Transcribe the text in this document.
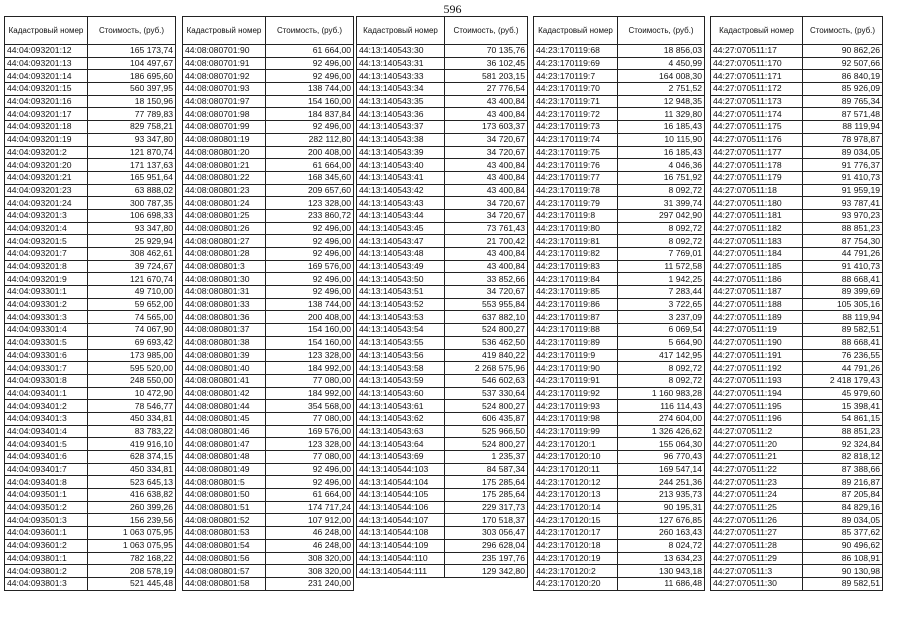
596
Кадастровый номер	Стоимость, (руб.)
44:04:093201:12	165 173,74
44:04:093201:13	104 497,67
44:04:093201:14	186 695,60
44:04:093201:15	560 397,95
44:04:093201:16	18 150,96
44:04:093201:17	77 789,83
44:04:093201:18	829 758,21
44:04:093201:19	93 347,80
44:04:093201:2	121 870,74
44:04:093201:20	171 137,63
44:04:093201:21	165 951,64
44:04:093201:23	63 888,02
44:04:093201:24	300 787,35
44:04:093201:3	106 698,33
44:04:093201:4	93 347,80
44:04:093201:5	25 929,94
44:04:093201:7	308 462,61
44:04:093201:8	39 724,67
44:04:093201:9	121 670,74
44:04:093301:1	49 710,00
44:04:093301:2	59 652,00
44:04:093301:3	74 565,00
44:04:093301:4	74 067,90
44:04:093301:5	69 693,42
44:04:093301:6	173 985,00
44:04:093301:7	595 520,00
44:04:093301:8	248 550,00
44:04:093401:1	10 472,90
44:04:093401:2	78 546,77
44:04:093401:3	450 334,81
44:04:093401:4	83 783,22
44:04:093401:5	419 916,10
44:04:093401:6	628 374,15
44:04:093401:7	450 334,81
44:04:093401:8	523 645,13
44:04:093501:1	416 638,82
44:04:093501:2	260 399,26
44:04:093501:3	156 239,56
44:04:093601:1	1 063 075,95
44:04:093601:2	1 063 075,95
44:04:093801:1	782 168,22
44:04:093801:2	208 578,19
44:04:093801:3	521 445,48
Кадастровый номер	Стоимость, (руб.)
44:08:080701:90	61 664,00
44:08:080701:91	92 496,00
44:08:080701:92	92 496,00
44:08:080701:93	138 744,00
44:08:080701:97	154 160,00
44:08:080701:98	184 837,84
44:08:080701:99	92 496,00
44:08:080801:19	282 112,80
44:08:080801:20	200 408,00
44:08:080801:21	61 664,00
44:08:080801:22	168 345,60
44:08:080801:23	209 657,60
44:08:080801:24	123 328,00
44:08:080801:25	233 860,72
44:08:080801:26	92 496,00
44:08:080801:27	92 496,00
44:08:080801:28	92 496,00
44:08:080801:3	169 576,00
44:08:080801:30	92 496,00
44:08:080801:31	92 496,00
44:08:080801:33	138 744,00
44:08:080801:36	200 408,00
44:08:080801:37	154 160,00
44:08:080801:38	154 160,00
44:08:080801:39	123 328,00
44:08:080801:40	184 992,00
44:08:080801:41	77 080,00
44:08:080801:42	184 992,00
44:08:080801:44	354 568,00
44:08:080801:45	77 080,00
44:08:080801:46	169 576,00
44:08:080801:47	123 328,00
44:08:080801:48	77 080,00
44:08:080801:49	92 496,00
44:08:080801:5	92 496,00
44:08:080801:50	61 664,00
44:08:080801:51	174 717,24
44:08:080801:52	107 912,00
44:08:080801:53	46 248,00
44:08:080801:54	46 248,00
44:08:080801:56	308 320,00
44:08:080801:57	308 320,00
44:08:080801:58	231 240,00
Кадастровый номер	Стоимость, (руб.)
44:13:140543:30	70 135,76
44:13:140543:31	36 102,45
44:13:140543:33	581 203,15
44:13:140543:34	27 776,54
44:13:140543:35	43 400,84
44:13:140543:36	43 400,84
44:13:140543:37	173 603,37
44:13:140543:38	34 720,67
44:13:140543:39	34 720,67
44:13:140543:40	43 400,84
44:13:140543:41	43 400,84
44:13:140543:42	43 400,84
44:13:140543:43	34 720,67
44:13:140543:44	34 720,67
44:13:140543:45	73 761,43
44:13:140543:47	21 700,42
44:13:140543:48	43 400,84
44:13:140543:49	43 400,84
44:13:140543:50	33 852,66
44:13:140543:51	34 720,67
44:13:140543:52	553 955,84
44:13:140543:53	637 882,10
44:13:140543:54	524 800,27
44:13:140543:55	536 462,50
44:13:140543:56	419 840,22
44:13:140543:58	2 268 575,96
44:13:140543:59	546 602,63
44:13:140543:60	537 330,64
44:13:140543:61	524 800,27
44:13:140543:62	606 435,87
44:13:140543:63	525 966,50
44:13:140543:64	524 800,27
44:13:140543:69	1 235,37
44:13:140544:103	84 587,34
44:13:140544:104	175 285,64
44:13:140544:105	175 285,64
44:13:140544:106	229 317,73
44:13:140544:107	170 518,37
44:13:140544:108	303 056,47
44:13:140544:109	296 628,04
44:13:140544:110	235 197,76
44:13:140544:111	129 342,80
Кадастровый номер	Стоимость, (руб.)
44:23:170119:68	18 856,03
44:23:170119:69	4 450,99
44:23:170119:7	164 008,30
44:23:170119:70	2 751,52
44:23:170119:71	12 948,35
44:23:170119:72	11 329,80
44:23:170119:73	16 185,43
44:23:170119:74	10 115,90
44:23:170119:75	16 185,43
44:23:170119:76	4 046,36
44:23:170119:77	16 751,92
44:23:170119:78	8 092,72
44:23:170119:79	31 399,74
44:23:170119:8	297 042,90
44:23:170119:80	8 092,72
44:23:170119:81	8 092,72
44:23:170119:82	7 769,01
44:23:170119:83	11 572,58
44:23:170119:84	1 942,25
44:23:170119:85	7 283,44
44:23:170119:86	3 722,65
44:23:170119:87	3 237,09
44:23:170119:88	6 069,54
44:23:170119:89	5 664,90
44:23:170119:9	417 142,95
44:23:170119:90	8 092,72
44:23:170119:91	8 092,72
44:23:170119:92	1 160 983,28
44:23:170119:93	116 114,43
44:23:170119:98	274 604,00
44:23:170119:99	1 326 426,62
44:23:170120:1	155 064,30
44:23:170120:10	96 770,43
44:23:170120:11	169 547,14
44:23:170120:12	244 251,36
44:23:170120:13	213 935,73
44:23:170120:14	90 195,31
44:23:170120:15	127 676,85
44:23:170120:17	260 163,43
44:23:170120:18	8 024,72
44:23:170120:19	13 634,23
44:23:170120:2	130 943,18
44:23:170120:20	11 686,48
Кадастровый номер	Стоимость, (руб.)
44:27:070511:17	90 862,26
44:27:070511:170	92 507,66
44:27:070511:171	86 840,19
44:27:070511:172	85 926,09
44:27:070511:173	89 765,34
44:27:070511:174	87 571,48
44:27:070511:175	88 119,94
44:27:070511:176	78 978,87
44:27:070511:177	89 034,05
44:27:070511:178	91 776,37
44:27:070511:179	91 410,73
44:27:070511:18	91 959,19
44:27:070511:180	93 787,41
44:27:070511:181	93 970,23
44:27:070511:182	88 851,23
44:27:070511:183	87 754,30
44:27:070511:184	44 791,26
44:27:070511:185	91 410,73
44:27:070511:186	88 668,41
44:27:070511:187	89 399,69
44:27:070511:188	105 305,16
44:27:070511:189	88 119,94
44:27:070511:19	89 582,51
44:27:070511:190	88 668,41
44:27:070511:191	76 236,55
44:27:070511:192	44 791,26
44:27:070511:193	2 418 179,43
44:27:070511:194	45 979,60
44:27:070511:195	15 398,41
44:27:070511:196	54 861,15
44:27:070511:2	88 851,23
44:27:070511:20	92 324,84
44:27:070511:21	82 818,12
44:27:070511:22	87 388,66
44:27:070511:23	89 216,87
44:27:070511:24	87 205,84
44:27:070511:25	84 829,16
44:27:070511:26	89 034,05
44:27:070511:27	85 377,62
44:27:070511:28	90 496,62
44:27:070511:29	86 108,91
44:27:070511:3	90 130,98
44:27:070511:30	89 582,51
